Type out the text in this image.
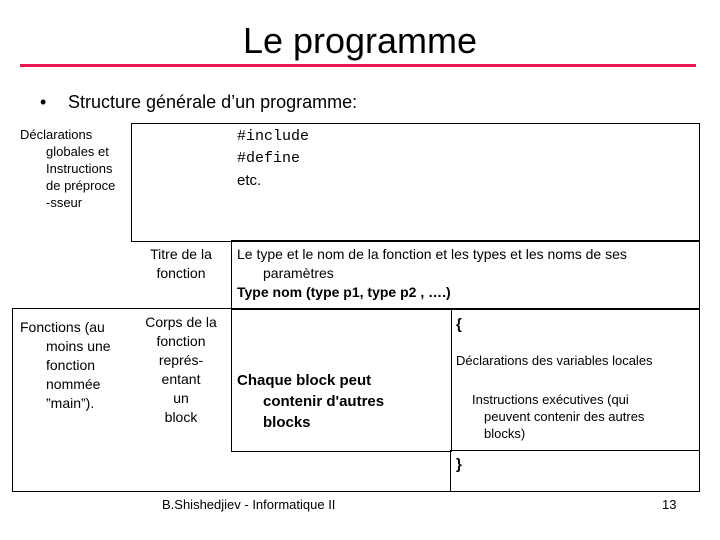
Le programme
• Structure générale d’un programme:
Déclarations
globales et
Instructions
de préproce
-sseur
#include
#define
etc.
Titre de la
fonction
Le type et le nom de la fonction et les types et les noms de ses
paramètres
Type nom (type p1, type p2 , ….)
Fonctions (au
moins une
fonction
nommée
”main”).
Corps de la
fonction
représ-
entant
un
block
Chaque block peut
contenir d'autres
blocks
{
Déclarations des variables locales
Instructions exécutives (qui
peuvent contenir des autres
blocks)
}
B.Shishedjiev - Informatique II	13
